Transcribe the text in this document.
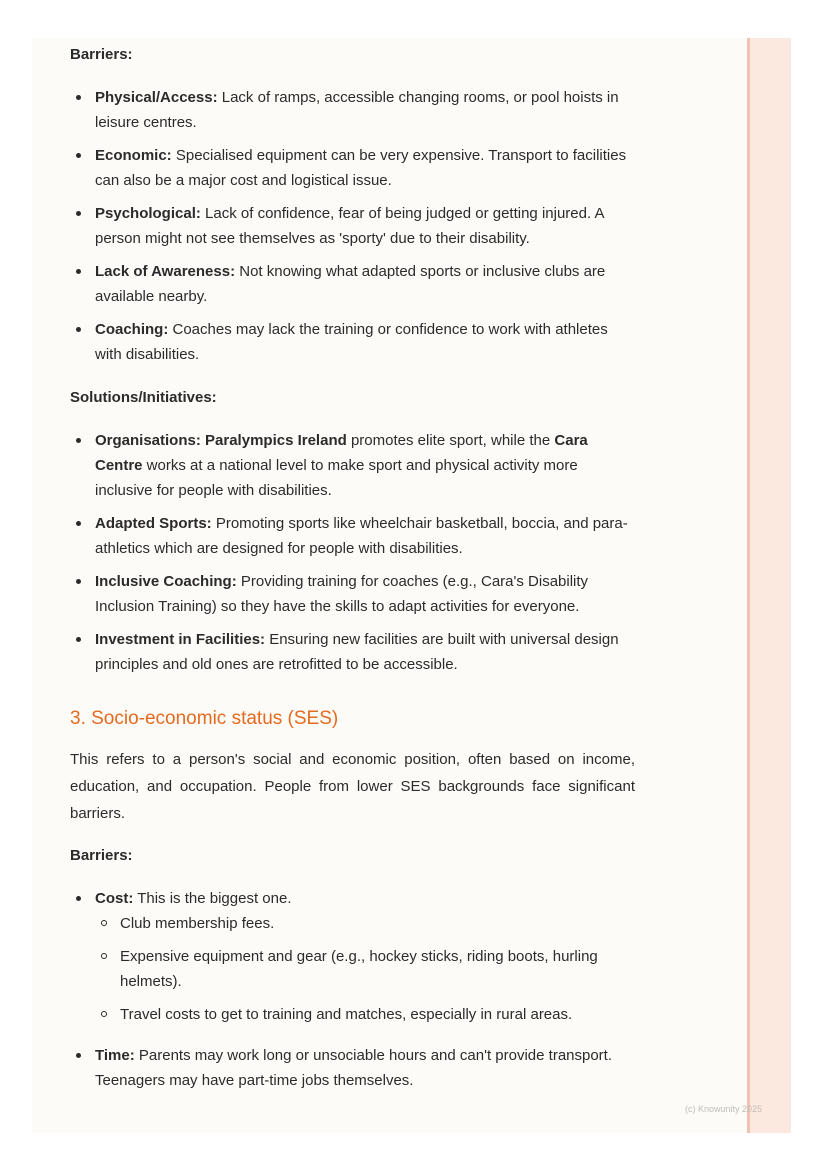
Barriers:

Physical/Access: Lack of ramps, accessible changing rooms, or pool hoists in leisure centres.
Economic: Specialised equipment can be very expensive. Transport to facilities can also be a major cost and logistical issue.
Psychological: Lack of confidence, fear of being judged or getting injured. A person might not see themselves as 'sporty' due to their disability.
Lack of Awareness: Not knowing what adapted sports or inclusive clubs are available nearby.
Coaching: Coaches may lack the training or confidence to work with athletes with disabilities.

Solutions/Initiatives:

Organisations: Paralympics Ireland promotes elite sport, while the Cara Centre works at a national level to make sport and physical activity more inclusive for people with disabilities.
Adapted Sports: Promoting sports like wheelchair basketball, boccia, and para-athletics which are designed for people with disabilities.
Inclusive Coaching: Providing training for coaches (e.g., Cara's Disability Inclusion Training) so they have the skills to adapt activities for everyone.
Investment in Facilities: Ensuring new facilities are built with universal design principles and old ones are retrofitted to be accessible.
3. Socio-economic status (SES)

This refers to a person's social and economic position, often based on income, education, and occupation. People from lower SES backgrounds face significant barriers.

Barriers:

Cost: This is the biggest one.
Club membership fees.
Expensive equipment and gear (e.g., hockey sticks, riding boots, hurling helmets).
Travel costs to get to training and matches, especially in rural areas.
Time: Parents may work long or unsociable hours and can't provide transport. Teenagers may have part-time jobs themselves.
(c) Knowunity 2025
